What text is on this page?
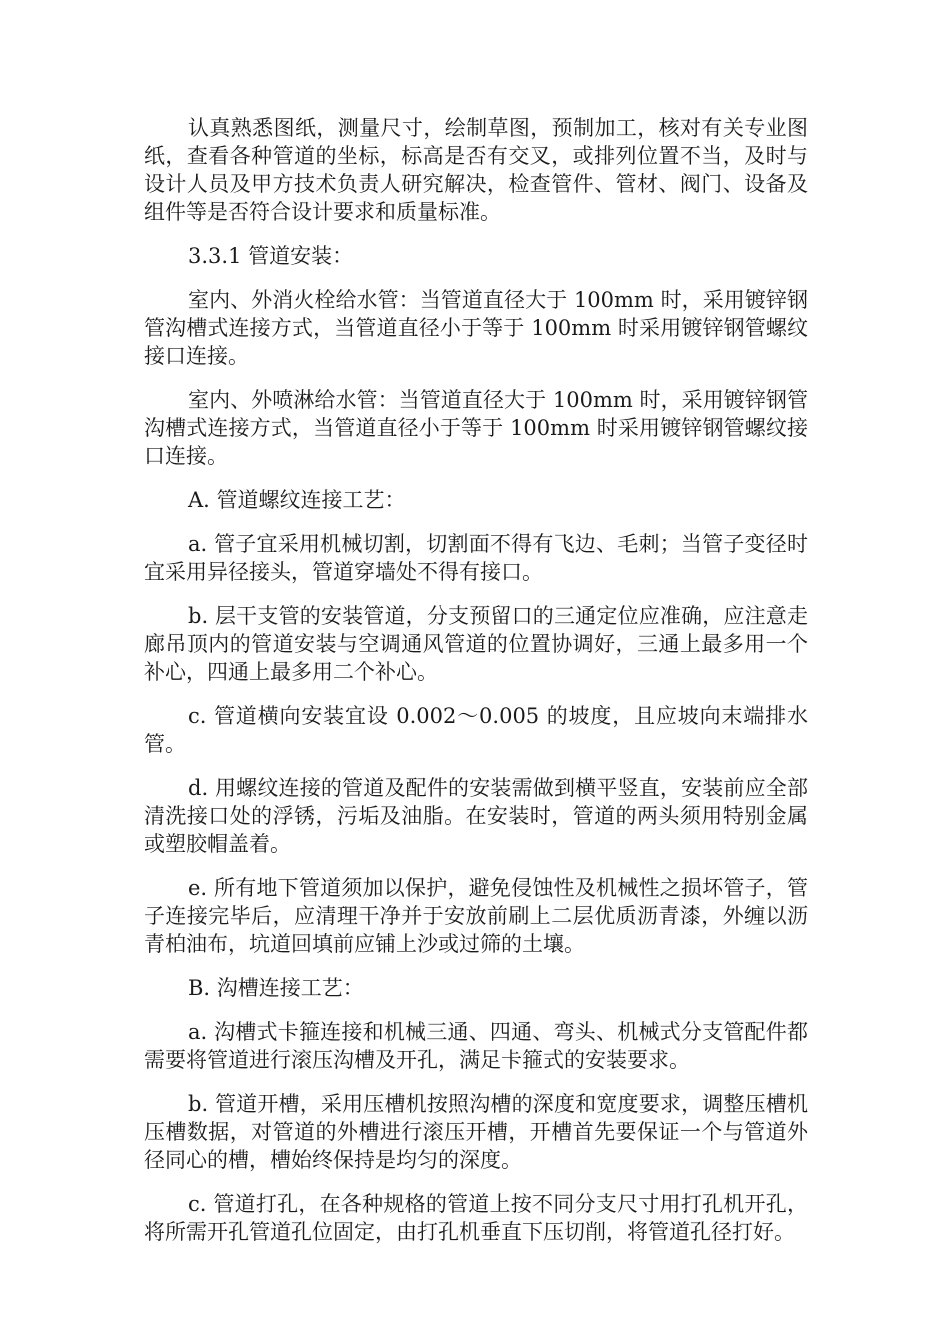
认真熟悉图纸，测量尺寸，绘制草图，预制加工，核对有关专业图纸，查看各种管道的坐标，标高是否有交叉，或排列位置不当，及时与设计人员及甲方技术负责人研究解决，检查管件、管材、阀门、设备及组件等是否符合设计要求和质量标准。

3.3.1 管道安装：

室内、外消火栓给水管：当管道直径大于 100mm 时，采用镀锌钢管沟槽式连接方式，当管道直径小于等于 100mm 时采用镀锌钢管螺纹接口连接。

室内、外喷淋给水管：当管道直径大于 100mm 时，采用镀锌钢管沟槽式连接方式，当管道直径小于等于 100mm 时采用镀锌钢管螺纹接口连接。

A. 管道螺纹连接工艺：

a. 管子宜采用机械切割，切割面不得有飞边、毛刺；当管子变径时宜采用异径接头，管道穿墙处不得有接口。

b. 层干支管的安装管道，分支预留口的三通定位应准确，应注意走廊吊顶内的管道安装与空调通风管道的位置协调好，三通上最多用一个补心，四通上最多用二个补心。

c. 管道横向安装宜设 0.002～0.005 的坡度，且应坡向末端排水管。

d. 用螺纹连接的管道及配件的安装需做到横平竖直，安装前应全部清洗接口处的浮锈，污垢及油脂。在安装时，管道的两头须用特别金属或塑胶帽盖着。

e. 所有地下管道须加以保护，避免侵蚀性及机械性之损坏管子，管子连接完毕后，应清理干净并于安放前刷上二层优质沥青漆，外缠以沥青柏油布，坑道回填前应铺上沙或过筛的土壤。

B. 沟槽连接工艺：

a. 沟槽式卡箍连接和机械三通、四通、弯头、机械式分支管配件都需要将管道进行滚压沟槽及开孔，满足卡箍式的安装要求。

b. 管道开槽，采用压槽机按照沟槽的深度和宽度要求，调整压槽机压槽数据，对管道的外槽进行滚压开槽，开槽首先要保证一个与管道外径同心的槽，槽始终保持是均匀的深度。

c. 管道打孔，在各种规格的管道上按不同分支尺寸用打孔机开孔，将所需开孔管道孔位固定，由打孔机垂直下压切削，将管道孔径打好。
